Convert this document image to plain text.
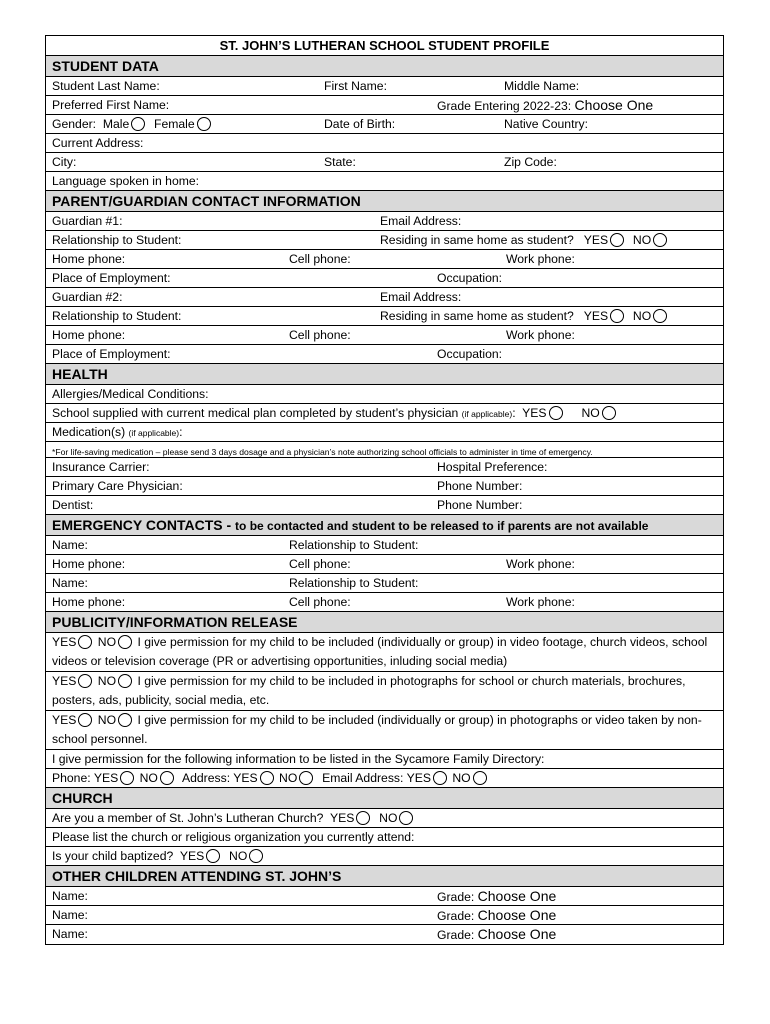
ST. JOHN’S LUTHERAN SCHOOL STUDENT PROFILE
STUDENT DATA
Student Last Name:	First Name:	Middle Name:
Preferred First Name:	Grade Entering 2022-23: Choose One
Gender: Male Female	Date of Birth:	Native Country:
Current Address:
City:	State:	Zip Code:
Language spoken in home:
PARENT/GUARDIAN CONTACT INFORMATION
Guardian #1:	Email Address:
Relationship to Student:	Residing in same home as student? YES NO
Home phone:	Cell phone:	Work phone:
Place of Employment:	Occupation:
Guardian #2:	Email Address:
Relationship to Student:	Residing in same home as student? YES NO
Home phone:	Cell phone:	Work phone:
Place of Employment:	Occupation:
HEALTH
Allergies/Medical Conditions:
School supplied with current medical plan completed by student’s physician (if applicable):  YES	NO
Medication(s) (if applicable):
*For life-saving medication – please send 3 days dosage and a physician’s note authorizing school officials to administer in time of emergency.
Insurance Carrier:	Hospital Preference:
Primary Care Physician:	Phone Number:
Dentist:	Phone Number:
EMERGENCY CONTACTS - to be contacted and student to be released to if parents are not available
Name:	Relationship to Student:
Home phone:	Cell phone:	Work phone:
Name:	Relationship to Student:
Home phone:	Cell phone:	Work phone:
PUBLICITY/INFORMATION RELEASE
YES NO I give permission for my child to be included (individually or group) in video footage, church videos, school videos or television coverage (PR or advertising opportunities, inluding social media)
YES NO I give permission for my child to be included in photographs for school or church materials, brochures, posters, ads, publicity, social media, etc.
YES NO I give permission for my child to be included (individually or group) in photographs or video taken by non-school personnel.
I give permission for the following information to be listed in the Sycamore Family Directory:
Phone: YES NO Address: YES NO Email Address: YES NO
CHURCH
Are you a member of St. John’s Lutheran Church? YES NO
Please list the church or religious organization you currently attend:
Is your child baptized? YES NO
OTHER CHILDREN ATTENDING ST. JOHN’S
Name:	Grade: Choose One
Name:	Grade: Choose One
Name:	Grade: Choose One
